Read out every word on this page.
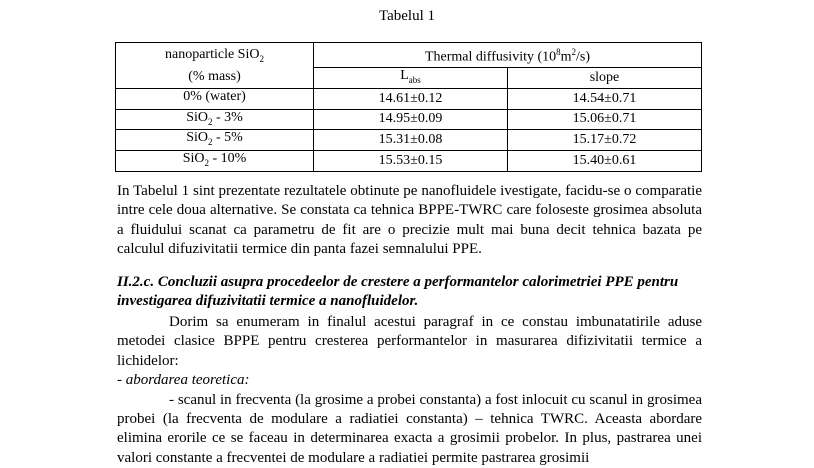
Tabelul 1
nanoparticle SiO$_2$
(% mass)	Thermal diffusivity $(10^8m^2/s)$	
	$L_{abs}$	slope
0% (water)	14.61±0.12	14.54±0.71
SiO$_2$ - 3%	14.95±0.09	15.06±0.71
SiO$_2$ - 5%	15.31±0.08	15.17±0.72
SiO$_2$ - 10%	15.53±0.15	15.40±0.61
In Tabelul 1 sint prezentate rezultatele obtinute pe nanofluidele ivestigate, facidu-se o comparatie intre cele doua alternative. Se constata ca tehnica BPPE-TWRC care foloseste grosimea absoluta a fluidului scanat ca parametru de fit are o precizie mult mai buna decit tehnica bazata pe calculul difuzivitatii termice din panta fazei semnalului PPE.
II.2.c. Concluzii asupra procedeelor de crestere a performantelor calorimetriei PPE pentru investigarea difuzivitatii termice a nanofluidelor.
Dorim sa enumeram in finalul acestui paragraf in ce constau imbunatatirile aduse metodei clasice BPPE pentru cresterea performantelor in masurarea difizivitatii termice a lichidelor:
- abordarea teoretica:
- scanul in frecventa (la grosime a probei constanta) a fost inlocuit cu scanul in grosimea probei (la frecventa de modulare a radiatiei constanta) – tehnica TWRC. Aceasta abordare elimina erorile ce se faceau in determinarea exacta a grosimii probelor. In plus, pastrarea unei valori constante a frecventei de modulare a radiatiei permite pastrarea grosimii
